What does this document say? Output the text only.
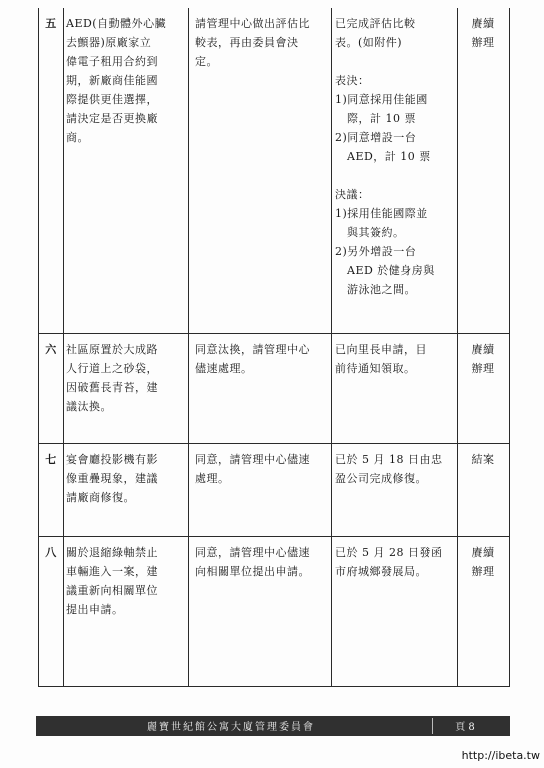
五 AED(自動體外心臟
去顫器)原廠家立
偉電子租用合約到
期，新廠商佳能國
際提供更佳選擇，
請決定是否更換廠
商。
請管理中心做出評估比
較表，再由委員會決定。
已完成評估比較
表。(如附件)

表決：
1)同意採用佳能國
際，計 10 票
2)同意增設一台
AED，計 10 票

決議：
1)採用佳能國際並
與其簽約。
2)另外增設一台
AED 於健身房與
游泳池之間。
賡續
辦理
六 社區原置於大成路
人行道上之砂袋，
因破舊長青苔，建
議汰換。
同意汰換，請管理中心
儘速處理。
已向里長申請，目
前待通知領取。
賡續
辦理
七 宴會廳投影機有影
像重疊現象，建議
請廠商修復。
同意，請管理中心儘速
處理。
已於 5 月 18 日由忠
盈公司完成修復。
結案
八 關於退縮綠軸禁止
車輛進入一案，建
議重新向相關單位
提出申請。
同意，請管理中心儘速
向相關單位提出申請。
已於 5 月 28 日發函
市府城鄉發展局。
賡續
辦理
麗寶世紀館公寓大廈管理委員會	頁 8
http://ibeta.tw
